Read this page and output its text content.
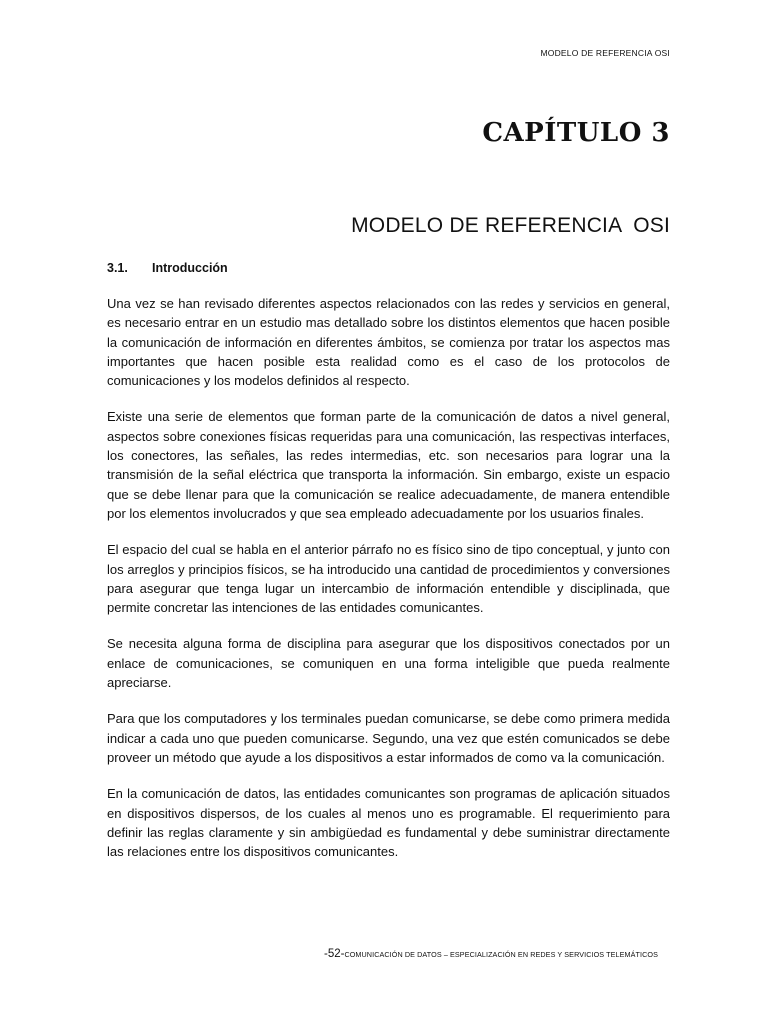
MODELO DE REFERENCIA OSI
CAPÍTULO 3
MODELO DE REFERENCIA  OSI
3.1. Introducción

Una vez se han revisado diferentes aspectos relacionados con las redes y servicios en general, es necesario entrar en un estudio mas detallado sobre los distintos elementos que hacen posible la comunicación de información en diferentes ámbitos, se comienza por tratar los aspectos mas importantes que hacen posible esta realidad como es el caso de los protocolos de comunicaciones y los modelos definidos al respecto.

Existe una serie de elementos que forman parte de la comunicación de datos a nivel general, aspectos sobre conexiones físicas requeridas para una comunicación, las respectivas interfaces, los conectores, las señales, las redes intermedias, etc. son necesarios para lograr una la transmisión de la señal eléctrica que transporta la información. Sin embargo, existe un espacio que se debe llenar para que la comunicación se realice adecuadamente, de manera entendible por los elementos involucrados y que sea empleado adecuadamente por los usuarios finales.

El espacio del cual se habla en el anterior párrafo no es físico sino de tipo conceptual, y junto con los arreglos y principios físicos, se ha introducido una cantidad de procedimientos y conversiones para asegurar que tenga lugar un intercambio de información entendible y disciplinada, que permite concretar las intenciones de las entidades comunicantes.

Se necesita alguna forma de disciplina para asegurar que los dispositivos conectados por un enlace de comunicaciones, se comuniquen en una forma inteligible que pueda realmente apreciarse.

Para que los computadores y los terminales puedan comunicarse, se debe como primera medida indicar a cada uno que pueden comunicarse. Segundo, una vez que estén comunicados se debe proveer un método que ayude a los dispositivos a estar informados de como va la comunicación.

En la comunicación de datos, las entidades comunicantes son programas de aplicación situados en dispositivos dispersos, de los cuales al menos uno es programable. El requerimiento para definir las reglas claramente y sin ambigüedad es fundamental y debe suministrar directamente las relaciones entre los dispositivos comunicantes.

-52-COMUNICACIÓN DE DATOS – ESPECIALIZACIÓN EN REDES Y SERVICIOS TELEMÁTICOS
